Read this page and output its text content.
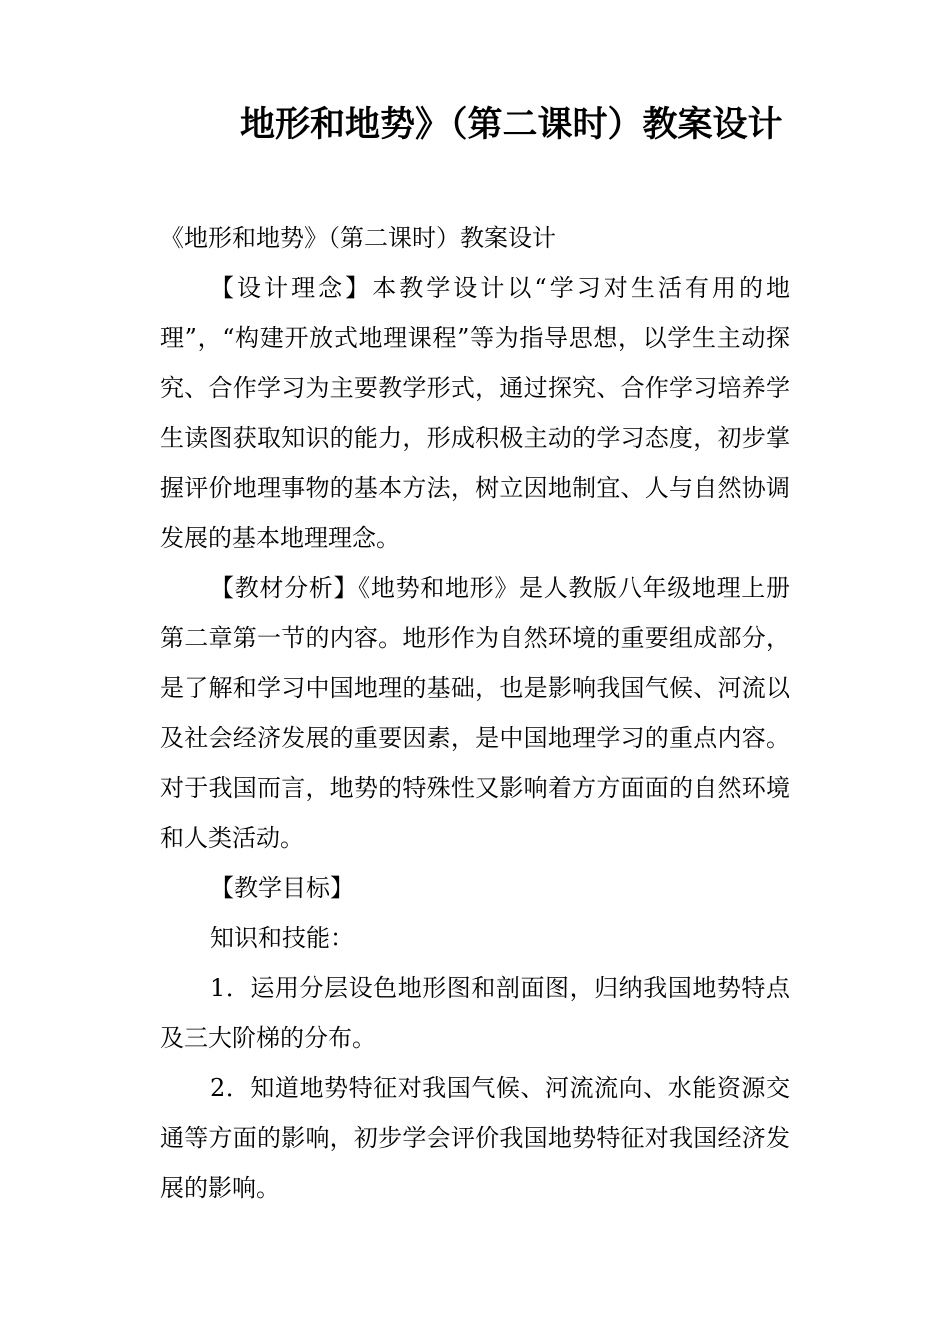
地形和地势》（第二课时）教案设计

《地形和地势》（第二课时）教案设计

【设计理念】本教学设计以“学习对生活有用的地理”，“构建开放式地理课程”等为指导思想，以学生主动探究、合作学习为主要教学形式，通过探究、合作学习培养学生读图获取知识的能力，形成积极主动的学习态度，初步掌握评价地理事物的基本方法，树立因地制宜、人与自然协调发展的基本地理理念。

【教材分析】《地势和地形》是人教版八年级地理上册第二章第一节的内容。地形作为自然环境的重要组成部分，是了解和学习中国地理的基础，也是影响我国气候、河流以及社会经济发展的重要因素，是中国地理学习的重点内容。对于我国而言，地势的特殊性又影响着方方面面的自然环境和人类活动。

【教学目标】

知识和技能：

1．运用分层设色地形图和剖面图，归纳我国地势特点及三大阶梯的分布。

2．知道地势特征对我国气候、河流流向、水能资源交通等方面的影响，初步学会评价我国地势特征对我国经济发展的影响。
